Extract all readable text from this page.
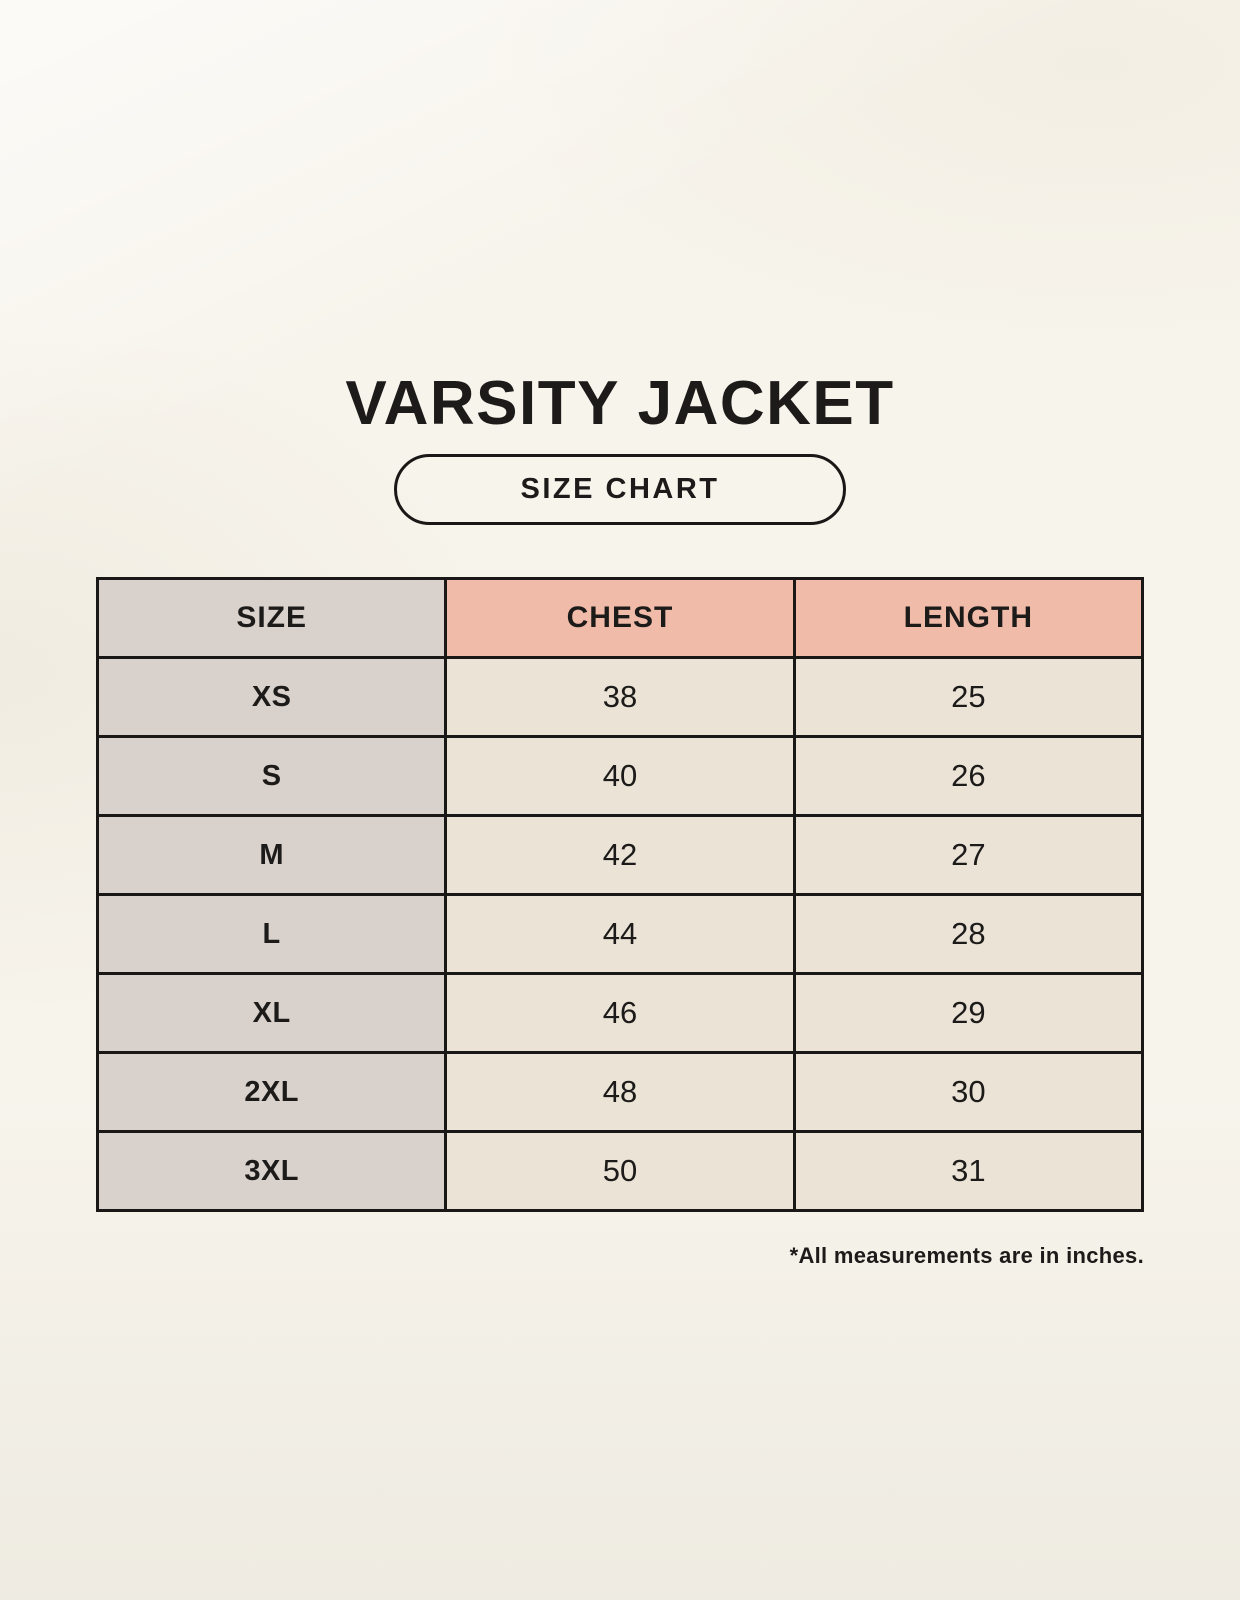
VARSITY JACKET
SIZE CHART
SIZE	CHEST	LENGTH
XS	38	25
S	40	26
M	42	27
L	44	28
XL	46	29
2XL	48	30
3XL	50	31
*All measurements are in inches.
